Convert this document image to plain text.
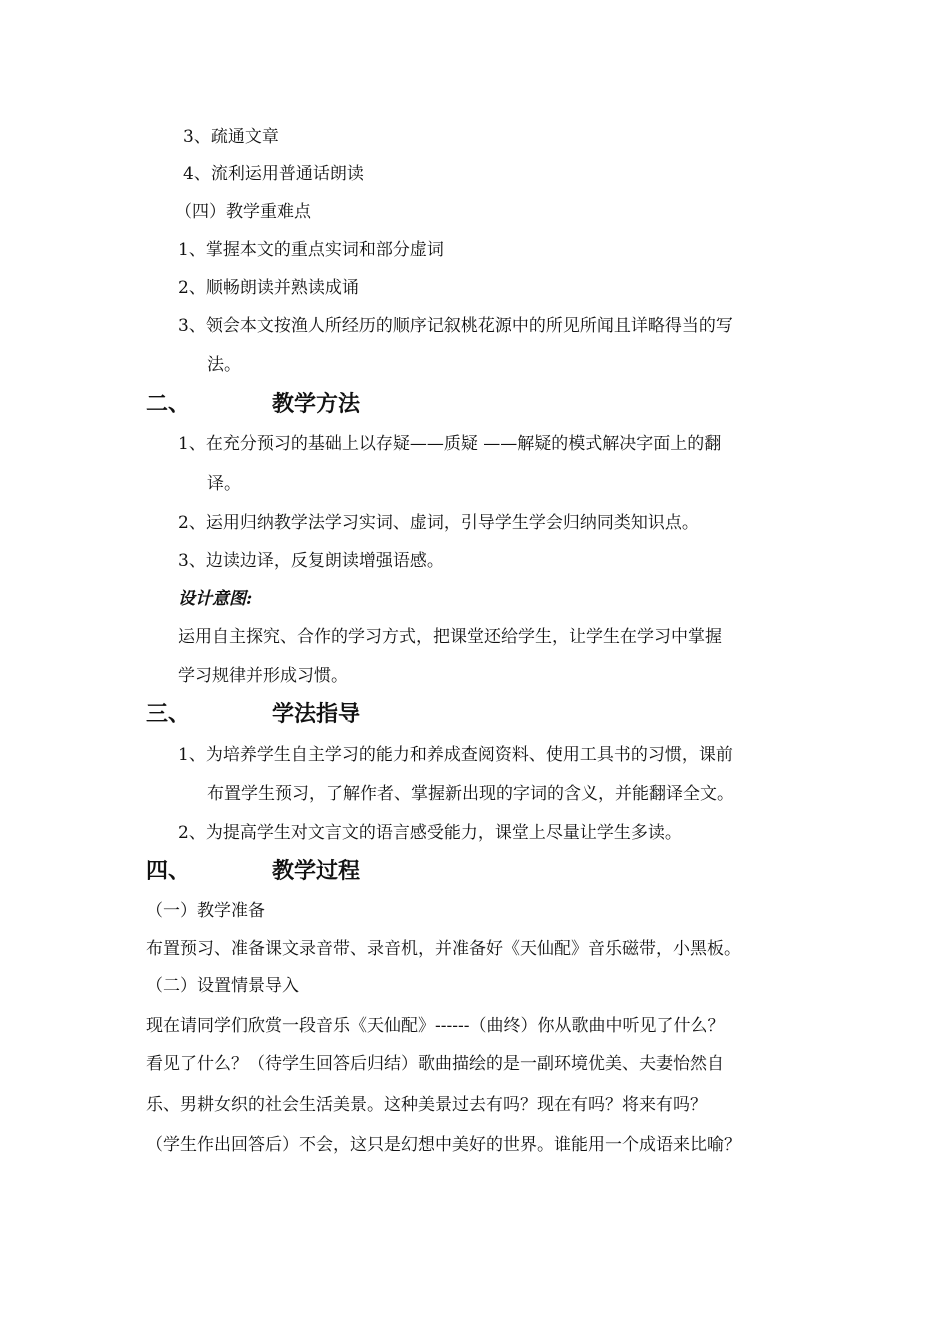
3、疏通文章

4、流利运用普通话朗读

（四）教学重难点

1、掌握本文的重点实词和部分虚词

2、顺畅朗读并熟读成诵

3、领会本文按渔人所经历的顺序记叙桃花源中的所见所闻且详略得当的写

法。

二、	教学方法

1、在充分预习的基础上以存疑——质疑 ——解疑的模式解决字面上的翻

译。

2、运用归纳教学法学习实词、虚词，引导学生学会归纳同类知识点。

3、边读边译，反复朗读增强语感。

设计意图:

运用自主探究、合作的学习方式，把课堂还给学生，让学生在学习中掌握

学习规律并形成习惯。

三、	学法指导

1、为培养学生自主学习的能力和养成查阅资料、使用工具书的习惯，课前

布置学生预习，了解作者、掌握新出现的字词的含义，并能翻译全文。

2、为提高学生对文言文的语言感受能力，课堂上尽量让学生多读。

四、	教学过程

（一）教学准备

布置预习、准备课文录音带、录音机，并准备好《天仙配》音乐磁带，小黑板。

（二）设置情景导入

现在请同学们欣赏一段音乐《天仙配》------（曲终）你从歌曲中听见了什么？

看见了什么？（待学生回答后归结）歌曲描绘的是一副环境优美、夫妻怡然自

乐、男耕女织的社会生活美景。这种美景过去有吗？现在有吗？将来有吗？

（学生作出回答后）不会，这只是幻想中美好的世界。谁能用一个成语来比喻？
